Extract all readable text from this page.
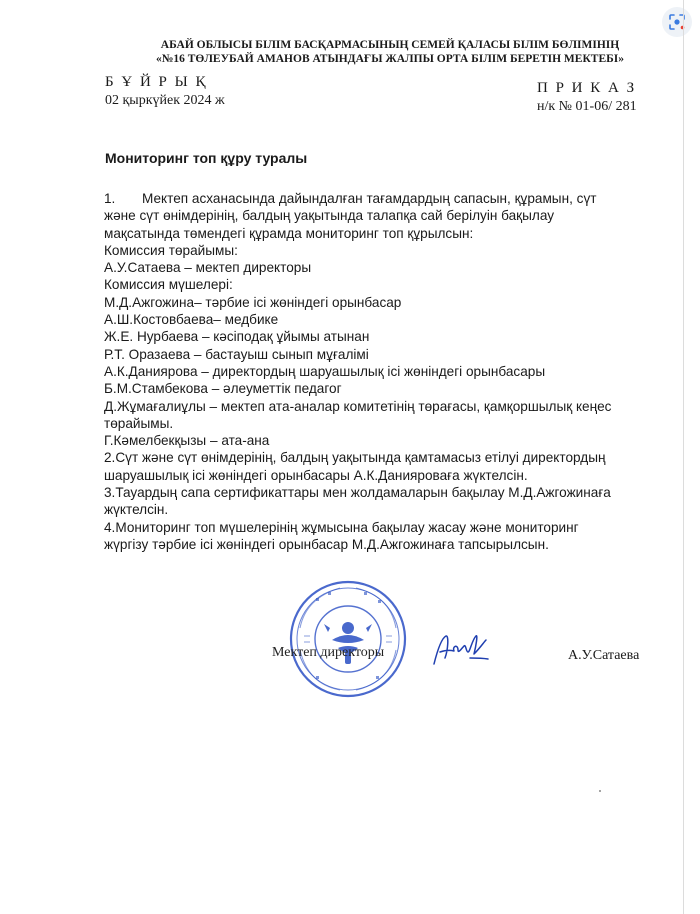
АБАЙ ОБЛЫСЫ БІЛІМ БАСҚАРМАСЫНЫҢ СЕМЕЙ ҚАЛАСЫ БІЛІМ БӨЛІМІНІҢ
«№16 ТӨЛЕУБАЙ АМАНОВ АТЫНДАҒЫ ЖАЛПЫ ОРТА БІЛІМ БЕРЕТІН МЕКТЕБІ»
Б Ұ Й Р Ы Қ
02 қыркүйек 2024 ж
П Р И К А З
н/к № 01-06/ 281
Мониторинг топ құру туралы
1. Мектеп асханасында дайындалған тағамдардың сапасын, құрамын, сүт
және сүт өнімдерінің, балдың уақытында талапқа сай берілуін бақылау
мақсатында төмендегі құрамда мониторинг топ құрылсын:
Комиссия төрайымы:
А.У.Сатаева – мектеп директоры
Комиссия мүшелері:
М.Д.Ажгожина– тәрбие ісі жөніндегі орынбасар
А.Ш.Костовбаева– медбике
Ж.Е. Нурбаева – кәсіподақ ұйымы атынан
Р.Т. Оразаева – бастауыш сынып мұғалімі
А.К.Даниярова – директордың шаруашылық ісі жөніндегі орынбасары
Б.М.Стамбекова – әлеуметтік педагог
Д.Жұмағалиұлы – мектеп ата-аналар комитетінің төрағасы, қамқоршылық кеңес
төрайымы.
Г.Кәмелбекқызы – ата-ана
2.Сүт және сүт өнімдерінің, балдың уақытында қамтамасыз етілуі директордың
шаруашылық ісі жөніндегі орынбасары А.К.Данияроваға жүктелсін.
3.Тауардың сапа сертификаттары мен жолдамаларын бақылау М.Д.Ажгожинаға
жүктелсін.
4.Мониторинг топ мүшелерінің жұмысына бақылау жасау және мониторинг
жүргізу тәрбие ісі жөніндегі орынбасар М.Д.Ажгожинаға тапсырылсын.
Мектеп директоры	А.У.Сатаева
